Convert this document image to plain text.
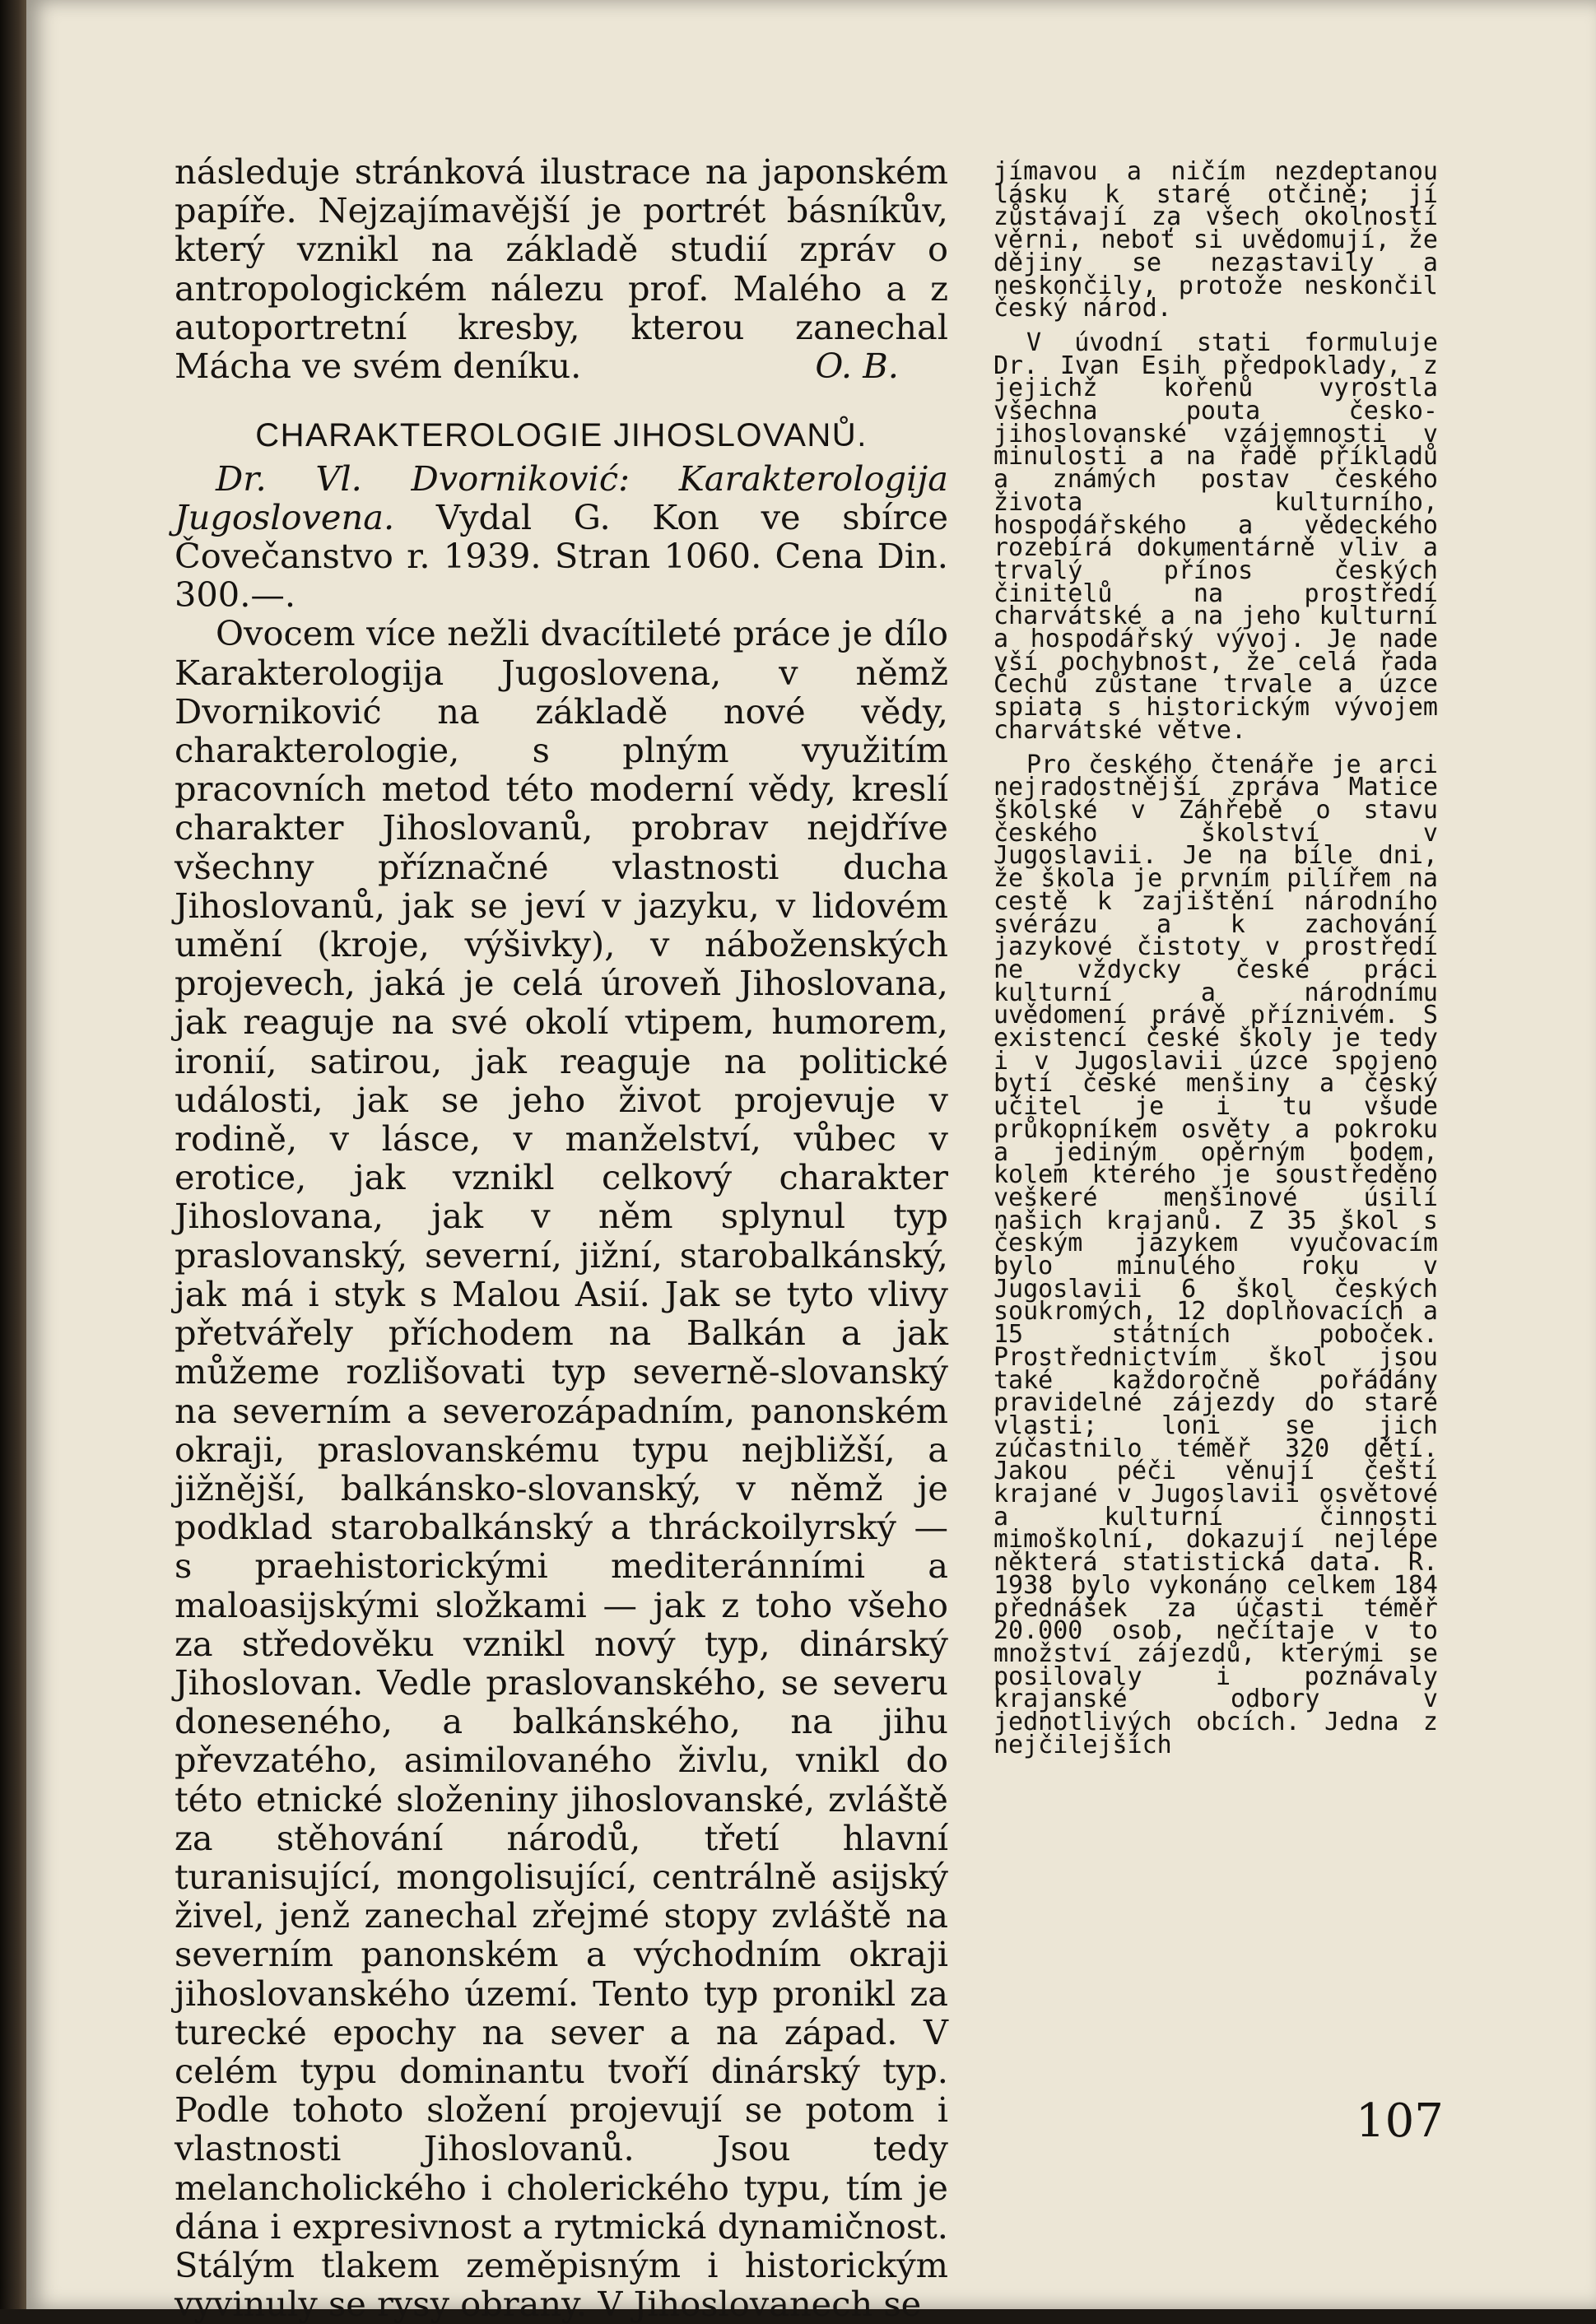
následuje stránková ilustrace na japonském papíře. Nejzajímavější je portrét básníkův, který vznikl na základě studií zpráv o antropologickém nálezu prof. Malého a z autoportretní kresby, kterou zanechal Mácha ve svém deníku.	O. B.

CHARAKTEROLOGIE JIHOSLOVANŮ.

Dr. Vl. Dvorniković: Karakterologija Jugoslovena. Vydal G. Kon ve sbírce Čovečanstvo r. 1939. Stran 1060. Cena Din. 300.—.

Ovocem více nežli dvacítileté práce je dílo Karakterologija Jugoslovena, v němž Dvorniković na základě nové vědy, charakterologie, s plným využitím pracovních metod této moderní vědy, kreslí charakter Jihoslovanů, probrav nejdříve všechny příznačné vlastnosti ducha Jihoslovanů, jak se jeví v jazyku, v lidovém umění (kroje, výšivky), v náboženských projevech, jaká je celá úroveň Jihoslovana, jak reaguje na své okolí vtipem, humorem, ironií, satirou, jak reaguje na politické události, jak se jeho život projevuje v rodině, v lásce, v manželství, vůbec v erotice, jak vznikl celkový charakter Jihoslovana, jak v něm splynul typ praslovanský, severní, jižní, starobalkánský, jak má i styk s Malou Asií. Jak se tyto vlivy přetvářely příchodem na Balkán a jak můžeme rozlišovati typ severně-slovanský na severním a severozápadním, panonském okraji, praslovanskému typu nejbližší, a jižnější, balkánsko-slovanský, v němž je podklad starobalkánský a thráckoilyrský — s praehistorickými mediteránními a maloasijskými složkami — jak z toho všeho za středověku vznikl nový typ, dinárský Jihoslovan. Vedle praslovanského, se severu doneseného, a balkánského, na jihu převzatého, asimilovaného živlu, vnikl do této etnické složeniny jihoslovanské, zvláště za stěhování národů, třetí hlavní turanisující, mongolisující, centrálně asijský živel, jenž zanechal zřejmé stopy zvláště na severním panonském a východním okraji jihoslovanského území. Tento typ pronikl za turecké epochy na sever a na západ. V celém typu dominantu tvoří dinárský typ. Podle tohoto složení projevují se potom i vlastnosti Jihoslovanů. Jsou tedy melancholického i cholerického typu, tím je dána i expresivnost a rytmická dynamičnost. Stálým tlakem zeměpisným i historickým vyvinuly se rysy obrany. V Jihoslovanech se

jímavou a ničím nezdeptanou lásku k staré otčině; jí zůstávají za všech okolností věrni, neboť si uvědomují, že dějiny se nezastavily a neskončily, protože neskončil český národ.

V úvodní stati formuluje Dr. Ivan Esih předpoklady, z jejichž kořenů vyrostla všechna pouta česko-jihoslovanské vzájemnosti v minulosti a na řadě příkladů a známých postav českého života kulturního, hospodářského a vědeckého rozebírá dokumentárně vliv a trvalý přínos českých činitelů na prostředí charvátské a na jeho kulturní a hospodářský vývoj. Je nade vší pochybnost, že celá řada Čechů zůstane trvale a úzce spiata s historickým vývojem charvátské větve.

Pro českého čtenáře je arci nejradostnější zpráva Matice školské v Záhřebě o stavu českého školství v Jugoslavii. Je na bíle dni, že škola je prvním pilířem na cestě k zajištění národního svérázu a k zachování jazykové čistoty v prostředí ne vždycky české práci kulturní a národnímu uvědomení právě příznivém. S existencí české školy je tedy i v Jugoslavii úzce spojeno bytí české menšiny a český učitel je i tu všude průkopníkem osvěty a pokroku a jediným opěrným bodem, kolem kterého je soustředěno veškeré menšinové úsilí našich krajanů. Z 35 škol s českým jazykem vyučovacím bylo minulého roku v Jugoslavii 6 škol českých soukromých, 12 doplňovacích a 15 státních poboček. Prostřednictvím škol jsou také každoročně pořádány pravidelné zájezdy do staré vlasti; loni se jich zúčastnilo téměř 320 dětí. Jakou péči věnují čeští krajané v Jugoslavii osvětové a kulturní činnosti mimoškolní, dokazují nejlépe některá statistická data. R. 1938 bylo vykonáno celkem 184 přednášek za účasti téměř 20.000 osob, nečítaje v to množství zájezdů, kterými se posilovaly i poznávaly krajanské odbory v jednotlivých obcích. Jedna z nejčilejších

107
